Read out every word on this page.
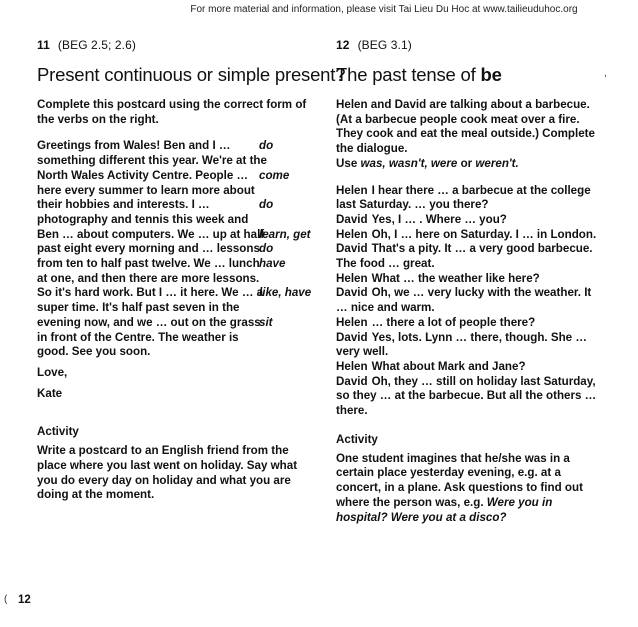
For more material and information, please visit Tai Lieu Du Hoc at www.tailieuduhoc.org
11 (BEG 2.5; 2.6)
Present continuous or simple present?

Complete this postcard using the correct form of the verbs on the right.

Greetings from Wales! Ben and I …	do
something different this year. We're at the
North Wales Activity Centre. People … come
here every summer to learn more about
their hobbies and interests. I …	do
photography and tennis this week and
Ben … about computers. We … up at half
learn, get
past eight every morning and … lessons do
from ten to half past twelve. We … lunch have
at one, and then there are more lessons.
So it's hard work. But I … it here. We … a
like, have
super time. It's half past seven in the
evening now, and we … out on the grass
sit
in front of the Centre. The weather is
good. See you soon.

Love,

Kate

Activity

Write a postcard to an English friend from the place where you last went on holiday. Say what you do every day on holiday and what you are doing at the moment.

12 (BEG 3.1)
The past tense of be

Helen and David are talking about a barbecue. (At a barbecue people cook meat over a fire. They cook and eat the meal outside.) Complete the dialogue.

Use was, wasn't, were or weren't.

Helen I hear there … a barbecue at the college last Saturday. … you there?

David Yes, I … . Where … you?

Helen Oh, I … here on Saturday. I … in London.

David That's a pity. It … a very good barbecue. The food … great.

Helen What … the weather like here?

David Oh, we … very lucky with the weather. It … nice and warm.

Helen … there a lot of people there?

David Yes, lots. Lynn … there, though. She … very well.

Helen What about Mark and Jane?

David Oh, they … still on holiday last Saturday, so they … at the barbecue. But all the others … there.

Activity

One student imagines that he/she was in a certain place yesterday evening, e.g. at a concert, in a plane. Ask questions to find out where the person was, e.g. Were you in hospital? Were you at a disco?

12
(
,
